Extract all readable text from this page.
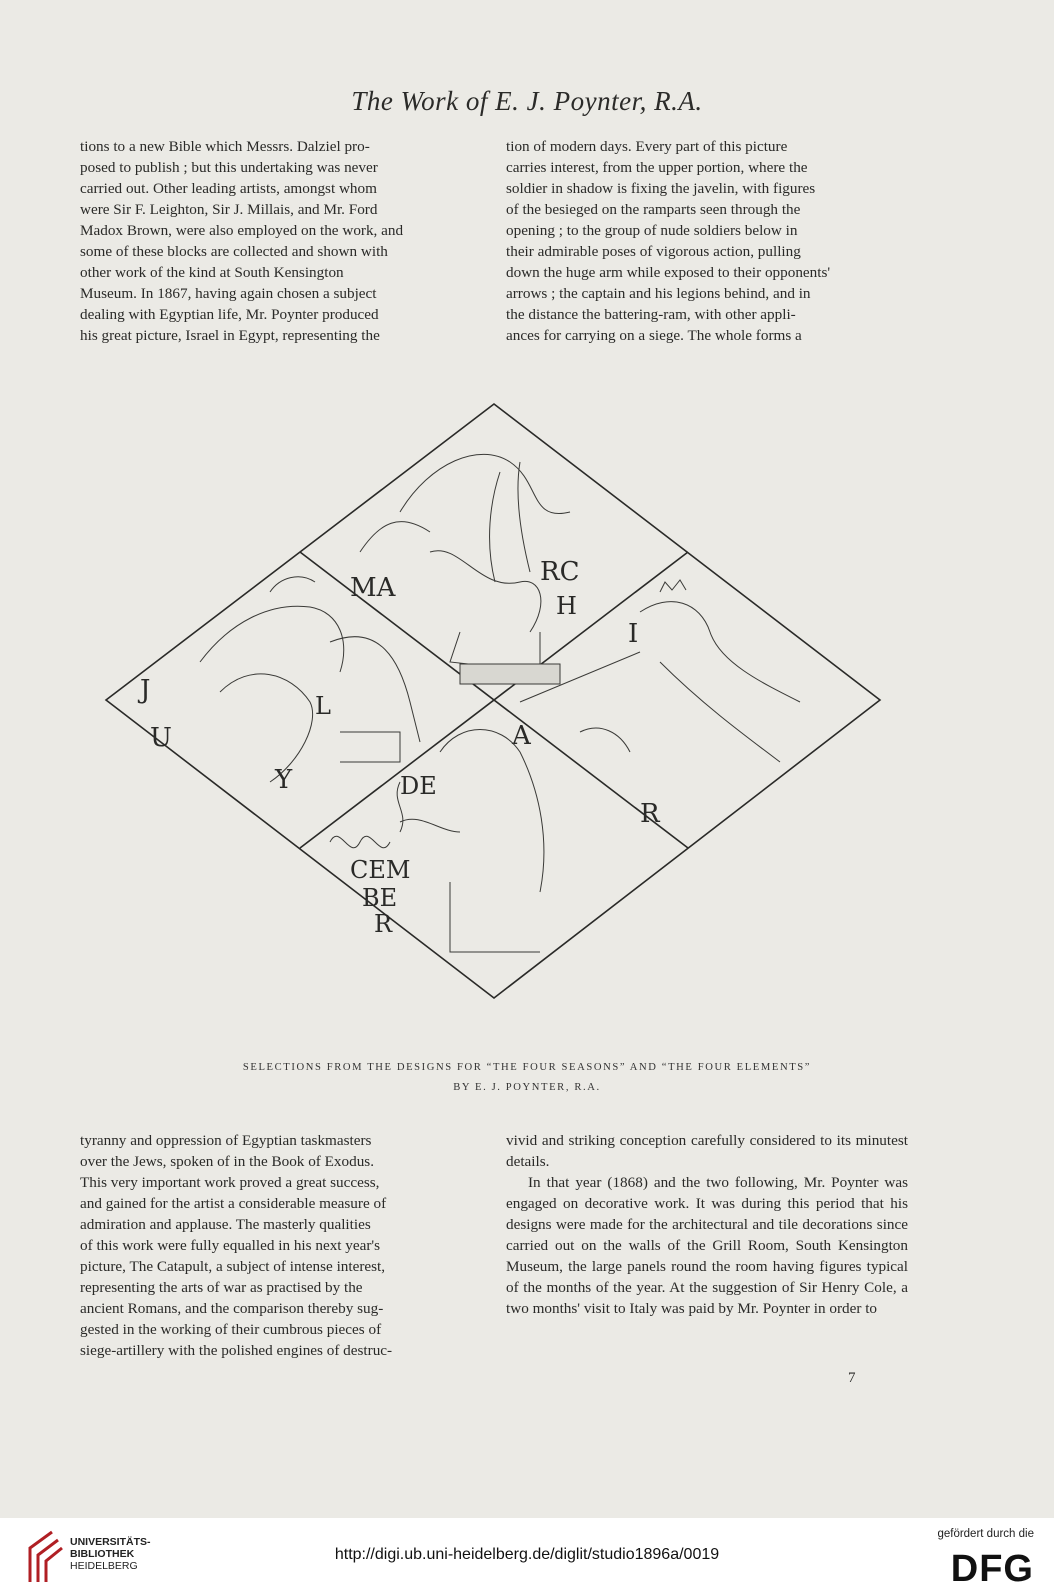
The Work of E. J. Poynter, R.A.

tions to a new Bible which Messrs. Dalziel pro-

posed to publish ; but this undertaking was never

carried out. Other leading artists, amongst whom

were Sir F. Leighton, Sir J. Millais, and Mr. Ford

Madox Brown, were also employed on the work, and

some of these blocks are collected and shown with

other work of the kind at South Kensington

Museum. In 1867, having again chosen a subject

dealing with Egyptian life, Mr. Poynter produced

his great picture, Israel in Egypt, representing the

tion of modern days. Every part of this picture

carries interest, from the upper portion, where the

soldier in shadow is fixing the javelin, with figures

of the besieged on the ramparts seen through the

opening ; to the group of nude soldiers below in

their admirable poses of vigorous action, pulling

down the huge arm while exposed to their opponents'

arrows ; the captain and his legions behind, and in

the distance the battering-ram, with other appli-

ances for carrying on a siege. The whole forms a

MA
RC
H
J
U
L
Y
A
I
R
DE
CEM
BE
R
SELECTIONS FROM THE DESIGNS FOR “THE FOUR SEASONS” AND “THE FOUR ELEMENTS”
BY E. J. POYNTER, R.A.

tyranny and oppression of Egyptian taskmasters

over the Jews, spoken of in the Book of Exodus.

This very important work proved a great success,

and gained for the artist a considerable measure of

admiration and applause. The masterly qualities

of this work were fully equalled in his next year's

picture, The Catapult, a subject of intense interest,

representing the arts of war as practised by the

ancient Romans, and the comparison thereby sug-

gested in the working of their cumbrous pieces of

siege-artillery with the polished engines of destruc-

vivid and striking conception carefully considered to its minutest details.

In that year (1868) and the two following, Mr. Poynter was engaged on decorative work. It was during this period that his designs were made for the architectural and tile decorations since carried out on the walls of the Grill Room, South Kensington Museum, the large panels round the room having figures typical of the months of the year. At the suggestion of Sir Henry Cole, a two months' visit to Italy was paid by Mr. Poynter in order to

7
UNIVERSITÄTS-
BIBLIOTHEK
HEIDELBERG
http://digi.ub.uni-heidelberg.de/diglit/studio1896a/0019
gefördert durch die
DFG
